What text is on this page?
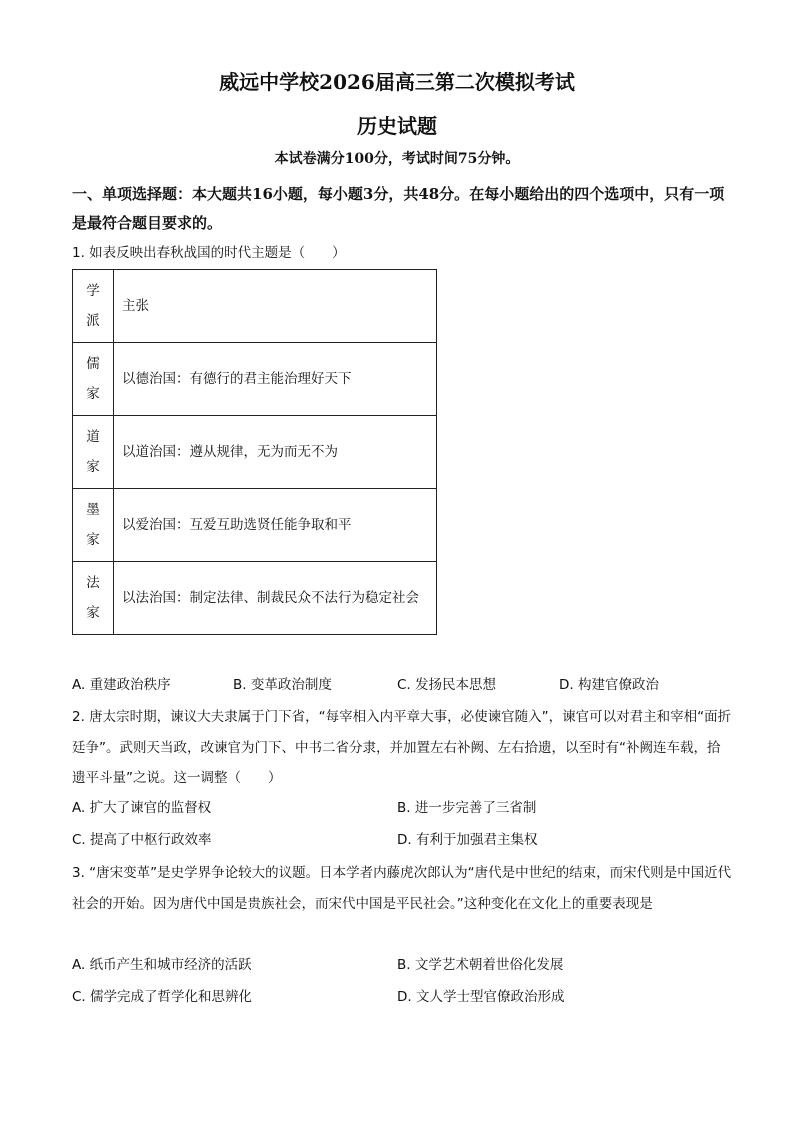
威远中学校2026届高三第二次模拟考试
历史试题
本试卷满分100分，考试时间75分钟。
一、单项选择题：本大题共16小题，每小题3分，共48分。在每小题给出的四个选项中，只有一项是最符合题目要求的。
1. 如表反映出春秋战国的时代主题是（　　）
学派	主张
儒家	以德治国：有德行的君主能治理好天下
道家	以道治国：遵从规律，无为而无不为
墨家	以爱治国：互爱互助选贤任能争取和平
法家	以法治国：制定法律、制裁民众不法行为稳定社会
A. 重建政治秩序	B. 变革政治制度	C. 发扬民本思想	D. 构建官僚政治
2. 唐太宗时期，谏议大夫隶属于门下省，“每宰相入内平章大事，必使谏官随入”，谏官可以对君主和宰相“面折廷争”。武则天当政，改谏官为门下、中书二省分隶，并加置左右补阙、左右拾遗，以至时有“补阙连车载，拾遗平斗量”之说。这一调整（　　）
A. 扩大了谏官的监督权	B. 进一步完善了三省制
C. 提高了中枢行政效率	D. 有利于加强君主集权
3. “唐宋变革”是史学界争论较大的议题。日本学者内藤虎次郎认为“唐代是中世纪的结束，而宋代则是中国近代社会的开始。因为唐代中国是贵族社会，而宋代中国是平民社会。”这种变化在文化上的重要表现是
A. 纸币产生和城市经济的活跃	B. 文学艺术朝着世俗化发展
C. 儒学完成了哲学化和思辨化	D. 文人学士型官僚政治形成
